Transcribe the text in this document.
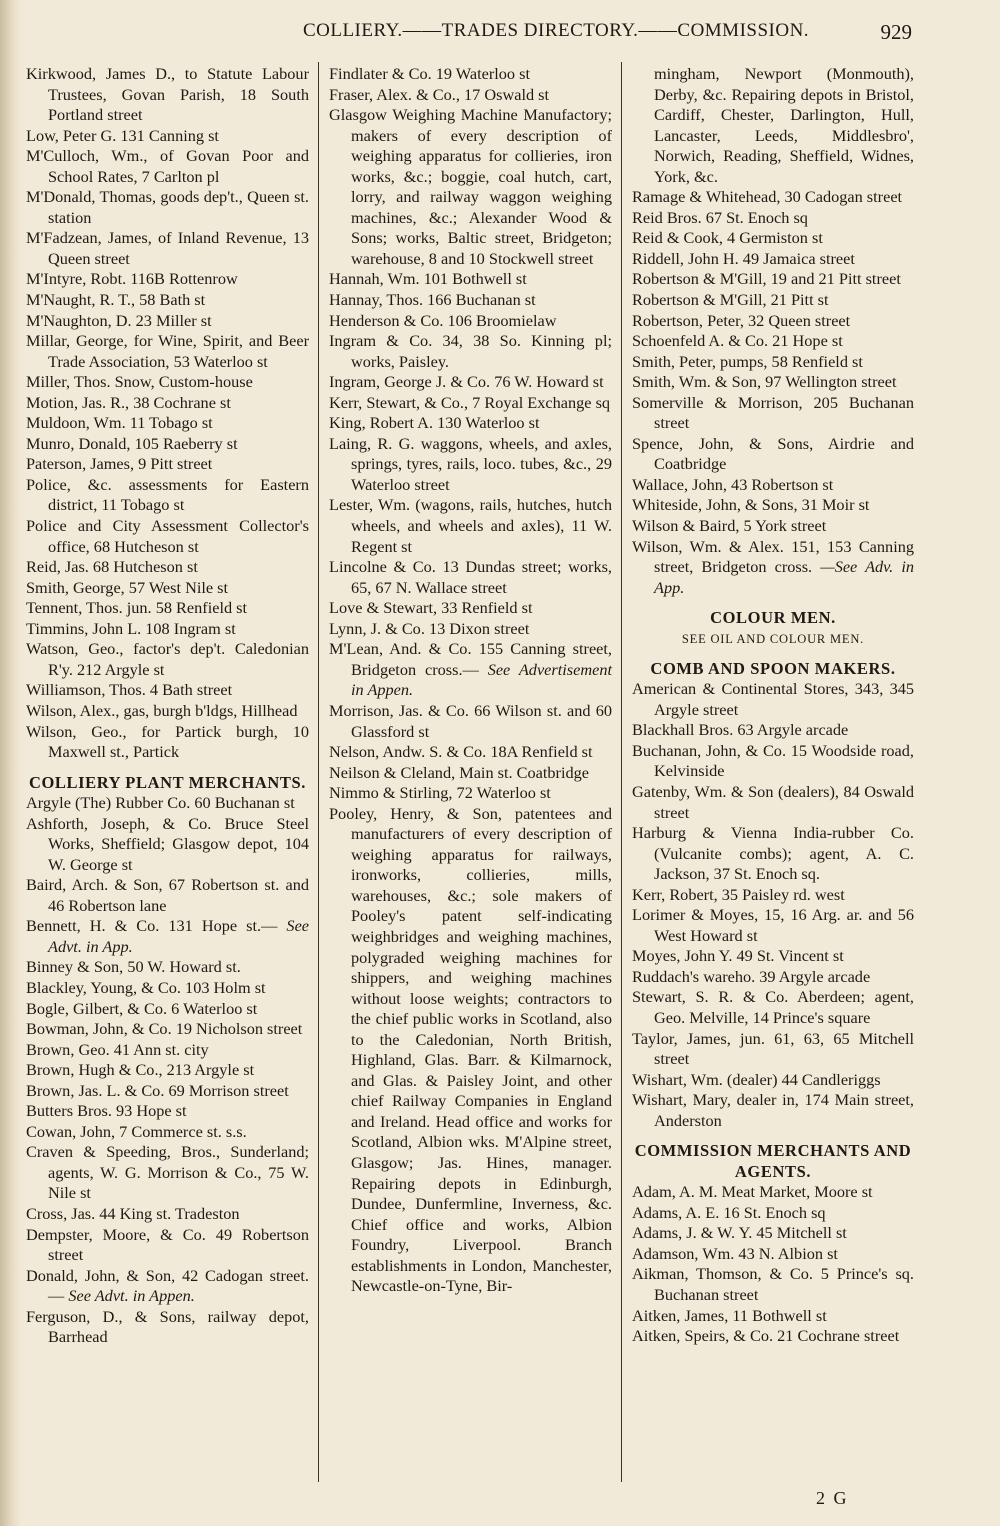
COLLIERY.——TRADES DIRECTORY.——COMMISSION.	929
Kirkwood, James D., to Statute Labour Trustees, Govan Parish, 18 South Portland street
Low, Peter G. 131 Canning st
M'Culloch, Wm., of Govan Poor and School Rates, 7 Carlton pl
M'Donald, Thomas, goods dep't., Queen st. station
M'Fadzean, James, of Inland Revenue, 13 Queen street
M'Intyre, Robt. 116B Rottenrow
M'Naught, R. T., 58 Bath st
M'Naughton, D. 23 Miller st
Millar, George, for Wine, Spirit, and Beer Trade Association, 53 Waterloo st
Miller, Thos. Snow, Custom-house
Motion, Jas. R., 38 Cochrane st
Muldoon, Wm. 11 Tobago st
Munro, Donald, 105 Raeberry st
Paterson, James, 9 Pitt street
Police, &c. assessments for Eastern district, 11 Tobago st
Police and City Assessment Collector's office, 68 Hutcheson st
Reid, Jas. 68 Hutcheson st
Smith, George, 57 West Nile st
Tennent, Thos. jun. 58 Renfield st
Timmins, John L. 108 Ingram st
Watson, Geo., factor's dep't. Caledonian R'y. 212 Argyle st
Williamson, Thos. 4 Bath street
Wilson, Alex., gas, burgh b'ldgs, Hillhead
Wilson, Geo., for Partick burgh, 10 Maxwell st., Partick
COLLIERY PLANT MERCHANTS.
Argyle (The) Rubber Co. 60 Buchanan st
Ashforth, Joseph, & Co. Bruce Steel Works, Sheffield; Glasgow depot, 104 W. George st
Baird, Arch. & Son, 67 Robertson st. and 46 Robertson lane
Bennett, H. & Co. 131 Hope st.— See Advt. in App.
Binney & Son, 50 W. Howard st.
Blackley, Young, & Co. 103 Holm st
Bogle, Gilbert, & Co. 6 Waterloo st
Bowman, John, & Co. 19 Nicholson street
Brown, Geo. 41 Ann st. city
Brown, Hugh & Co., 213 Argyle st
Brown, Jas. L. & Co. 69 Morrison street
Butters Bros. 93 Hope st
Cowan, John, 7 Commerce st. s.s.
Craven & Speeding, Bros., Sunderland; agents, W. G. Morrison & Co., 75 W. Nile st
Cross, Jas. 44 King st. Tradeston
Dempster, Moore, & Co. 49 Robertson street
Donald, John, & Son, 42 Cadogan street.— See Advt. in Appen.
Ferguson, D., & Sons, railway depot, Barrhead
Findlater & Co. 19 Waterloo st
Fraser, Alex. & Co., 17 Oswald st
Glasgow Weighing Machine Manufactory; makers of every description of weighing apparatus for collieries, iron works, &c.; boggie, coal hutch, cart, lorry, and railway waggon weighing machines, &c.; Alexander Wood & Sons; works, Baltic street, Bridgeton; warehouse, 8 and 10 Stockwell street
Hannah, Wm. 101 Bothwell st
Hannay, Thos. 166 Buchanan st
Henderson & Co. 106 Broomielaw
Ingram & Co. 34, 38 So. Kinning pl; works, Paisley.
Ingram, George J. & Co. 76 W. Howard st
Kerr, Stewart, & Co., 7 Royal Exchange sq
King, Robert A. 130 Waterloo st
Laing, R. G. waggons, wheels, and axles, springs, tyres, rails, loco. tubes, &c., 29 Waterloo street
Lester, Wm. (wagons, rails, hutches, hutch wheels, and wheels and axles), 11 W. Regent st
Lincolne & Co. 13 Dundas street; works, 65, 67 N. Wallace street
Love & Stewart, 33 Renfield st
Lynn, J. & Co. 13 Dixon street
M'Lean, And. & Co. 155 Canning street, Bridgeton cross.— See Advertisement in Appen.
Morrison, Jas. & Co. 66 Wilson st. and 60 Glassford st
Nelson, Andw. S. & Co. 18A Renfield st
Neilson & Cleland, Main st. Coatbridge
Nimmo & Stirling, 72 Waterloo st
Pooley, Henry, & Son, patentees and manufacturers of every description of weighing apparatus for railways, ironworks, collieries, mills, warehouses, &c.; sole makers of Pooley's patent self-indicating weighbridges and weighing machines, polygraded weighing machines for shippers, and weighing machines without loose weights; contractors to the chief public works in Scotland, also to the Caledonian, North British, Highland, Glas. Barr. & Kilmarnock, and Glas. & Paisley Joint, and other chief Railway Companies in England and Ireland. Head office and works for Scotland, Albion wks. M'Alpine street, Glasgow; Jas. Hines, manager. Repairing depots in Edinburgh, Dundee, Dunfermline, Inverness, &c. Chief office and works, Albion Foundry, Liverpool. Branch establishments in London, Manchester, Newcastle-on-Tyne, Bir-
mingham, Newport (Monmouth), Derby, &c. Repairing depots in Bristol, Cardiff, Chester, Darlington, Hull, Lancaster, Leeds, Middlesbro', Norwich, Reading, Sheffield, Widnes, York, &c.
Ramage & Whitehead, 30 Cadogan street
Reid Bros. 67 St. Enoch sq
Reid & Cook, 4 Germiston st
Riddell, John H. 49 Jamaica street
Robertson & M'Gill, 19 and 21 Pitt street
Robertson & M'Gill, 21 Pitt st
Robertson, Peter, 32 Queen street
Schoenfeld A. & Co. 21 Hope st
Smith, Peter, pumps, 58 Renfield st
Smith, Wm. & Son, 97 Wellington street
Somerville & Morrison, 205 Buchanan street
Spence, John, & Sons, Airdrie and Coatbridge
Wallace, John, 43 Robertson st
Whiteside, John, & Sons, 31 Moir st
Wilson & Baird, 5 York street
Wilson, Wm. & Alex. 151, 153 Canning street, Bridgeton cross. —See Adv. in App.
COLOUR MEN.
SEE OIL AND COLOUR MEN.
COMB AND SPOON MAKERS.
American & Continental Stores, 343, 345 Argyle street
Blackhall Bros. 63 Argyle arcade
Buchanan, John, & Co. 15 Woodside road, Kelvinside
Gatenby, Wm. & Son (dealers), 84 Oswald street
Harburg & Vienna India-rubber Co. (Vulcanite combs); agent, A. C. Jackson, 37 St. Enoch sq.
Kerr, Robert, 35 Paisley rd. west
Lorimer & Moyes, 15, 16 Arg. ar. and 56 West Howard st
Moyes, John Y. 49 St. Vincent st
Ruddach's wareho. 39 Argyle arcade
Stewart, S. R. & Co. Aberdeen; agent, Geo. Melville, 14 Prince's square
Taylor, James, jun. 61, 63, 65 Mitchell street
Wishart, Wm. (dealer) 44 Candleriggs
Wishart, Mary, dealer in, 174 Main street, Anderston
COMMISSION MERCHANTS AND AGENTS.
Adam, A. M. Meat Market, Moore st
Adams, A. E. 16 St. Enoch sq
Adams, J. & W. Y. 45 Mitchell st
Adamson, Wm. 43 N. Albion st
Aikman, Thomson, & Co. 5 Prince's sq. Buchanan street
Aitken, James, 11 Bothwell st
Aitken, Speirs, & Co. 21 Cochrane street
2 G
